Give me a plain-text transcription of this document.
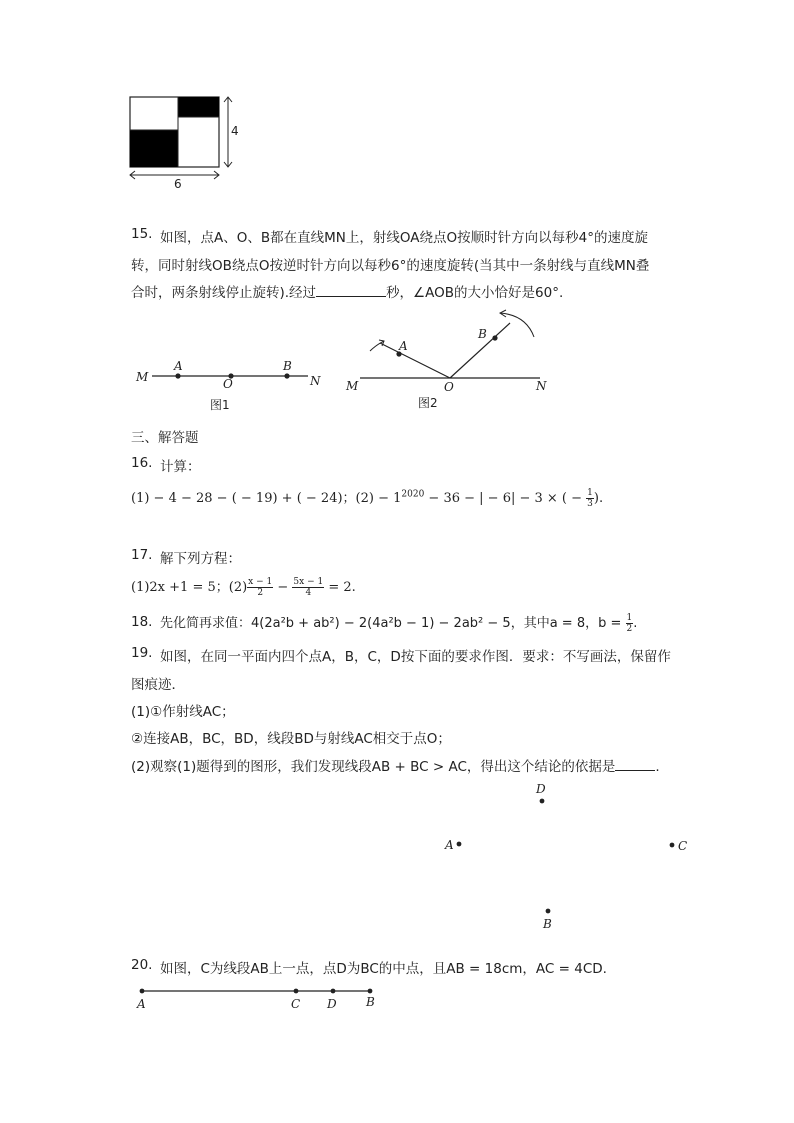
4
6
15. 如图，点A、O、B都在直线MN上，射线OA绕点O按顺时针方向以每秒4°的速度旋
转，同时射线OB绕点O按逆时针方向以每秒6°的速度旋转(当其中一条射线与直线MN叠
合时，两条射线停止旋转).经过	秒，∠AOB的大小恰好是60°.
M
A
O
B
N
图1
M
A
O
B
N
图2
三、解答题
16. 计算：
(1) − 4 − 28 − ( − 19) + ( − 24)；$(2) - 1^{2020} - 36$ − | − 6| − 3 × ( − $\frac{1}{3}$ ).
17. 解下列方程：
(1)2x +1 = 5；$(2) \frac{x - 1}{2} - \frac{5x - 1}{4} = 2$.
18. 先化简再求值：4(2a²b + ab²) − 2(4a²b − 1) − 2ab² − 5，其中a = 8，$b = \frac{1}{2}$ .
19. 如图，在同一平面内四个点A，B，C，D按下面的要求作图．要求：不写画法，保留作
图痕迹．
(1)①作射线AC；
②连接AB，BC，BD，线段BD与射线AC相交于点O；
(2)观察(1)题得到的图形，我们发现线段AB + BC > AC，得出这个结论的依据是	.
D
A	C
B
20. 如图，C为线段AB上一点，点D为BC的中点，且AB = 18cm，AC = 4CD.
A	C D B
